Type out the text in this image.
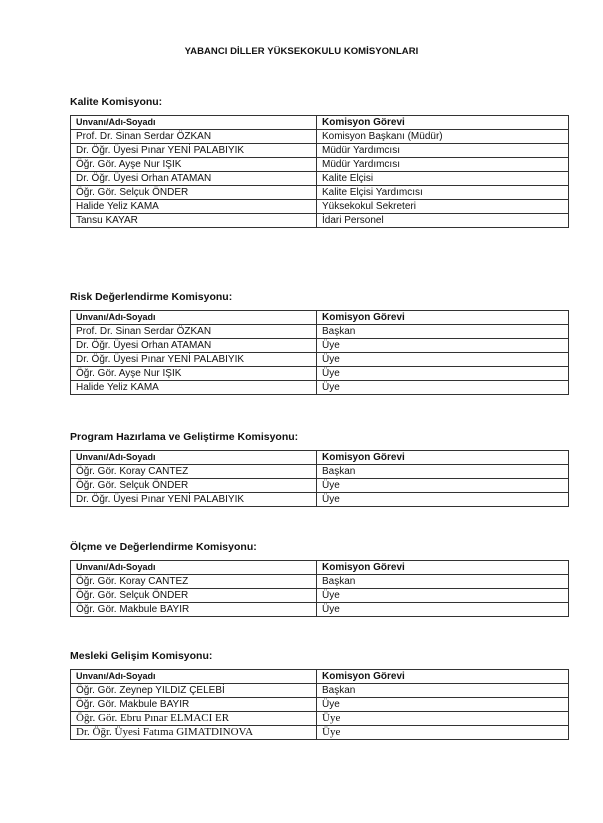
YABANCI DİLLER YÜKSEKOKULU KOMİSYONLARI
Kalite Komisyonu:
Unvanı/Adı-Soyadı	Komisyon Görevi
Prof. Dr. Sinan Serdar ÖZKAN	Komisyon Başkanı (Müdür)
Dr. Öğr. Üyesi Pınar YENİ PALABIYIK	Müdür Yardımcısı
Öğr. Gör. Ayşe Nur IŞIK	Müdür Yardımcısı
Dr. Öğr. Üyesi Orhan ATAMAN	Kalite Elçisi
Öğr. Gör. Selçuk ÖNDER	Kalite Elçisi Yardımcısı
Halide Yeliz KAMA	Yüksekokul Sekreteri
Tansu KAYAR	İdari Personel
Risk Değerlendirme Komisyonu:
Unvanı/Adı-Soyadı	Komisyon Görevi
Prof. Dr. Sinan Serdar ÖZKAN	Başkan
Dr. Öğr. Üyesi Orhan ATAMAN	Üye
Dr. Öğr. Üyesi Pınar YENİ PALABIYIK	Üye
Öğr. Gör. Ayşe Nur IŞIK	Üye
Halide Yeliz KAMA	Üye
Program Hazırlama ve Geliştirme Komisyonu:
Unvanı/Adı-Soyadı	Komisyon Görevi
Öğr. Gör. Koray CANTEZ	Başkan
Öğr. Gör. Selçuk ÖNDER	Üye
Dr. Öğr. Üyesi Pınar YENİ PALABIYIK	Üye
Ölçme ve Değerlendirme Komisyonu:
Unvanı/Adı-Soyadı	Komisyon Görevi
Öğr. Gör. Koray CANTEZ	Başkan
Öğr. Gör. Selçuk ÖNDER	Üye
Öğr. Gör. Makbule BAYIR	Üye
Mesleki Gelişim Komisyonu:
Unvanı/Adı-Soyadı	Komisyon Görevi
Öğr. Gör. Zeynep YILDIZ ÇELEBİ	Başkan
Öğr. Gör. Makbule BAYIR	Üye
Öğr. Gör. Ebru Pınar ELMACI ER	Üye
Dr. Öğr. Üyesi Fatıma GIMATDINOVA	Üye
